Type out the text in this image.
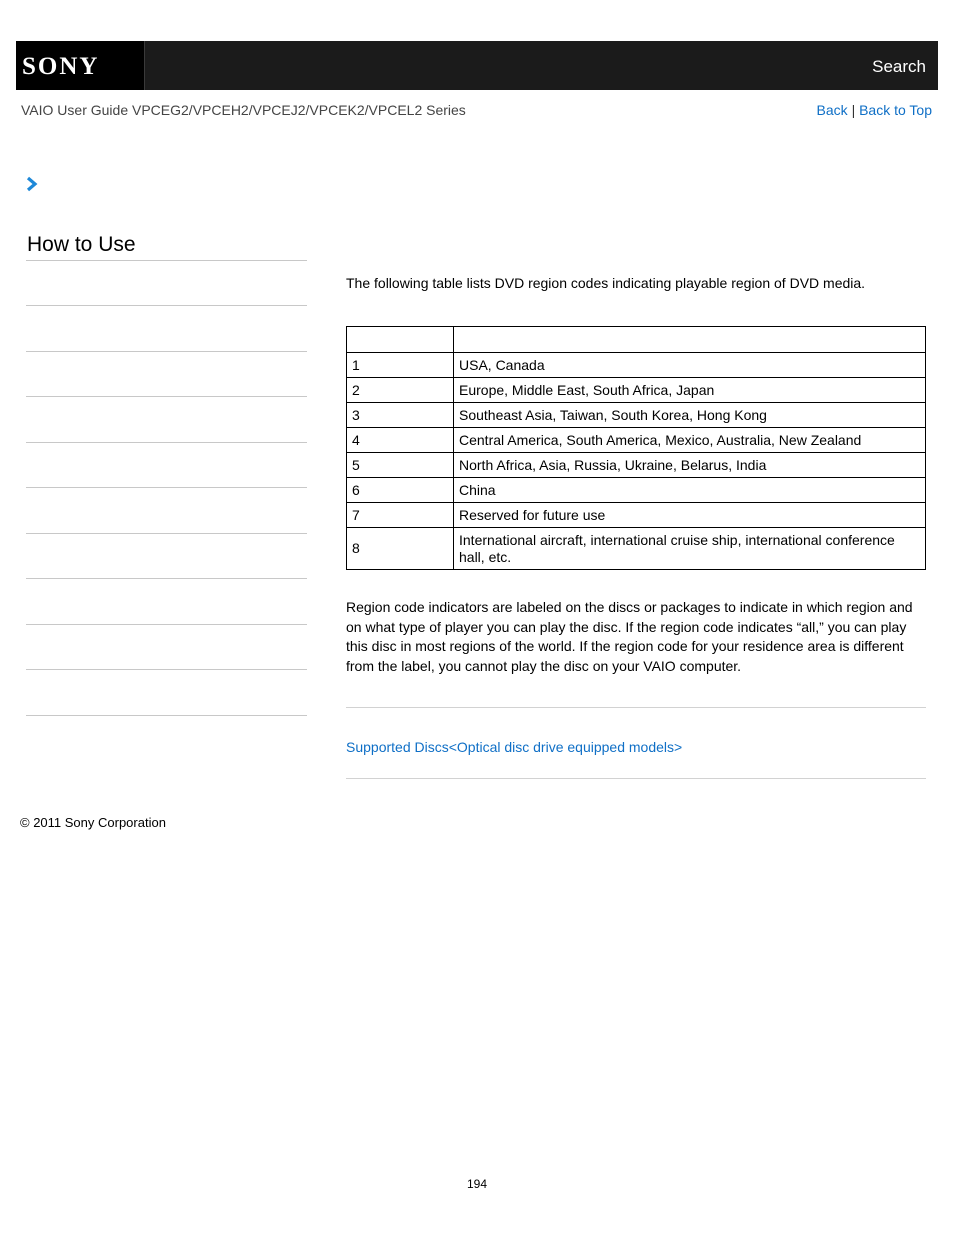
SONY	Search
VAIO User Guide VPCEG2/VPCEH2/VPCEJ2/VPCEK2/VPCEL2 Series	Back | Back to Top
How to Use
The following table lists DVD region codes indicating playable region of DVD media.

1	USA, Canada
2	Europe, Middle East, South Africa, Japan
3	Southeast Asia, Taiwan, South Korea, Hong Kong
4	Central America, South America, Mexico, Australia, New Zealand
5	North Africa, Asia, Russia, Ukraine, Belarus, India
6	China
7	Reserved for future use
8	International aircraft, international cruise ship, international conference hall, etc.
Region code indicators are labeled on the discs or packages to indicate in which region and on what type of player you can play the disc. If the region code indicates “all,” you can play this disc in most regions of the world. If the region code for your residence area is different from the label, you cannot play the disc on your VAIO computer.
Supported Discs<Optical disc drive equipped models>
© 2011 Sony Corporation
194
